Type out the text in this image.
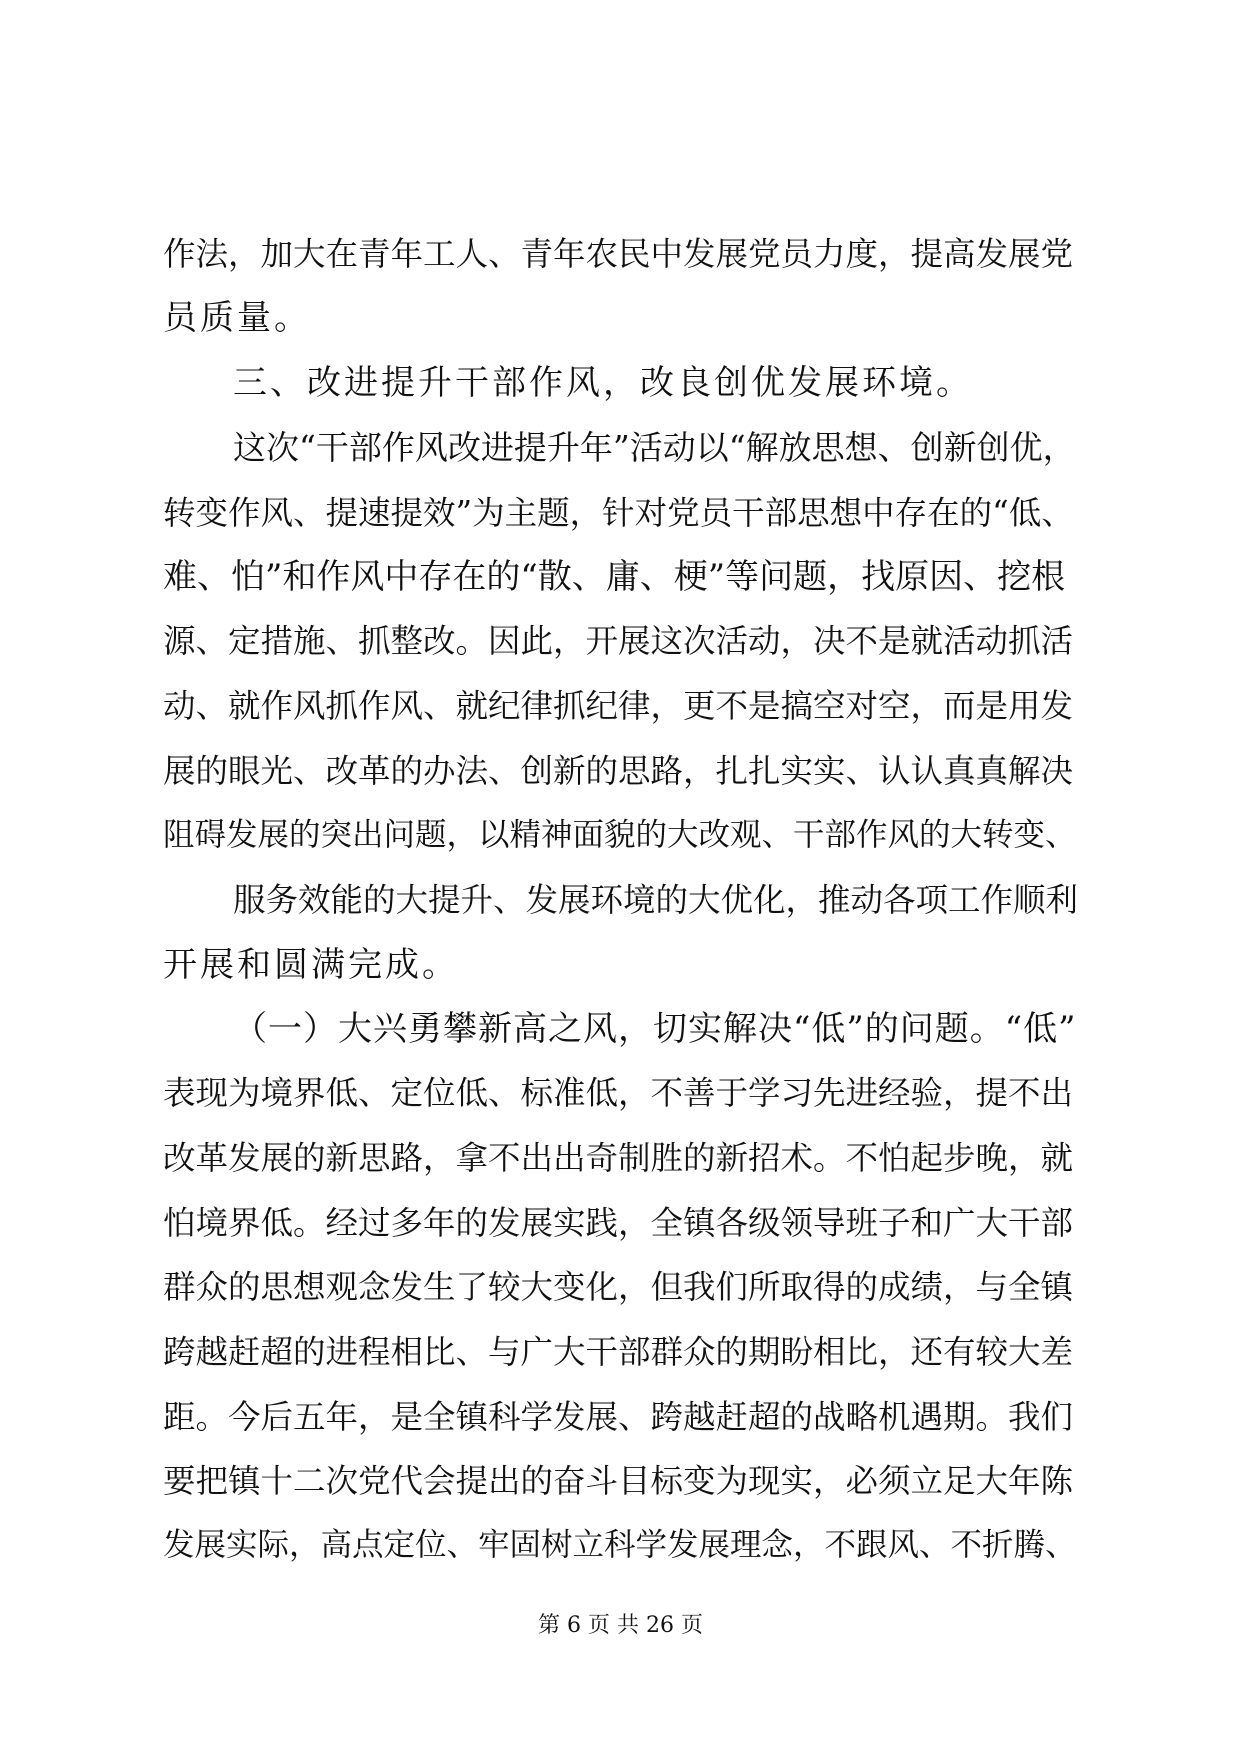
作法，加大在青年工人、青年农民中发展党员力度，提高发展党
员质量。
三、改进提升干部作风，改良创优发展环境。
这次“干部作风改进提升年”活动以“解放思想、创新创优，
转变作风、提速提效”为主题，针对党员干部思想中存在的“低、
难、怕”和作风中存在的“散、庸、梗”等问题，找原因、挖根
源、定措施、抓整改。因此，开展这次活动，决不是就活动抓活
动、就作风抓作风、就纪律抓纪律，更不是搞空对空，而是用发
展的眼光、改革的办法、创新的思路，扎扎实实、认认真真解决
阻碍发展的突出问题，以精神面貌的大改观、干部作风的大转变、
服务效能的大提升、发展环境的大优化，推动各项工作顺利
开展和圆满完成。
（一）大兴勇攀新高之风，切实解决“低”的问题。“低”
表现为境界低、定位低、标准低，不善于学习先进经验，提不出
改革发展的新思路，拿不出出奇制胜的新招术。不怕起步晚，就
怕境界低。经过多年的发展实践，全镇各级领导班子和广大干部
群众的思想观念发生了较大变化，但我们所取得的成绩，与全镇
跨越赶超的进程相比、与广大干部群众的期盼相比，还有较大差
距。今后五年，是全镇科学发展、跨越赶超的战略机遇期。我们
要把镇十二次党代会提出的奋斗目标变为现实，必须立足大年陈
发展实际，高点定位、牢固树立科学发展理念，不跟风、不折腾、
第 6 页 共 26 页
